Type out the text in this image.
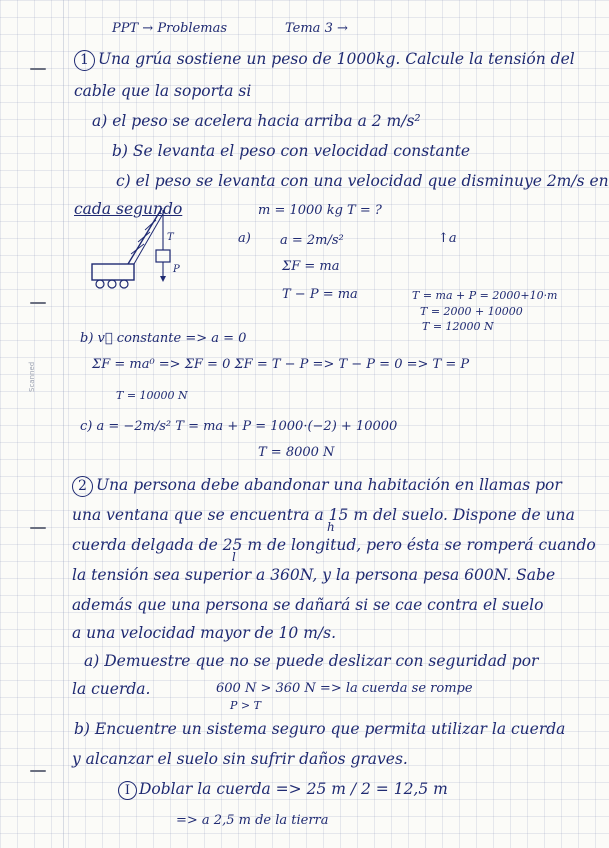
Scanned
PPT → Problemas	Tema 3 →
1 Una grúa sostiene un peso de 1000kg. Calcule la tensión del
cable que la soporta si
a) el peso se acelera hacia arriba a 2 m/s²
b) Se levanta el peso con velocidad constante
c) el peso se levanta con una velocidad que disminuye 2m/s en
cada segundo	m = 1000 kg T = ?
T
P
a) a = 2m/s²	↑a
ΣF = ma
T − P = ma	T = ma + P = 2000+10·m
T = 2000 + 10000
T = 12000 N
b) v⃗ constante => a = 0
ΣF = ma⁰ => ΣF = 0 ΣF = T − P => T − P = 0 => T = P
T = 10000 N
c) a = −2m/s² T = ma + P = 1000·(−2) + 10000
T = 8000 N
2 Una persona debe abandonar una habitación en llamas por
una ventana que se encuentra a 15 m del suelo. Dispone de una
h
cuerda delgada de 25 m de longitud, pero ésta se romperá cuando
l
la tensión sea superior a 360N, y la persona pesa 600N. Sabe
además que una persona se dañará si se cae contra el suelo
a una velocidad mayor de 10 m/s.
a) Demuestre que no se puede deslizar con seguridad por
la cuerda.	600 N > 360 N => la cuerda se rompe
P > T
b) Encuentre un sistema seguro que permita utilizar la cuerda
y alcanzar el suelo sin sufrir daños graves.
I Doblar la cuerda => 25 m / 2 = 12,5 m
=> a 2,5 m de la tierra
